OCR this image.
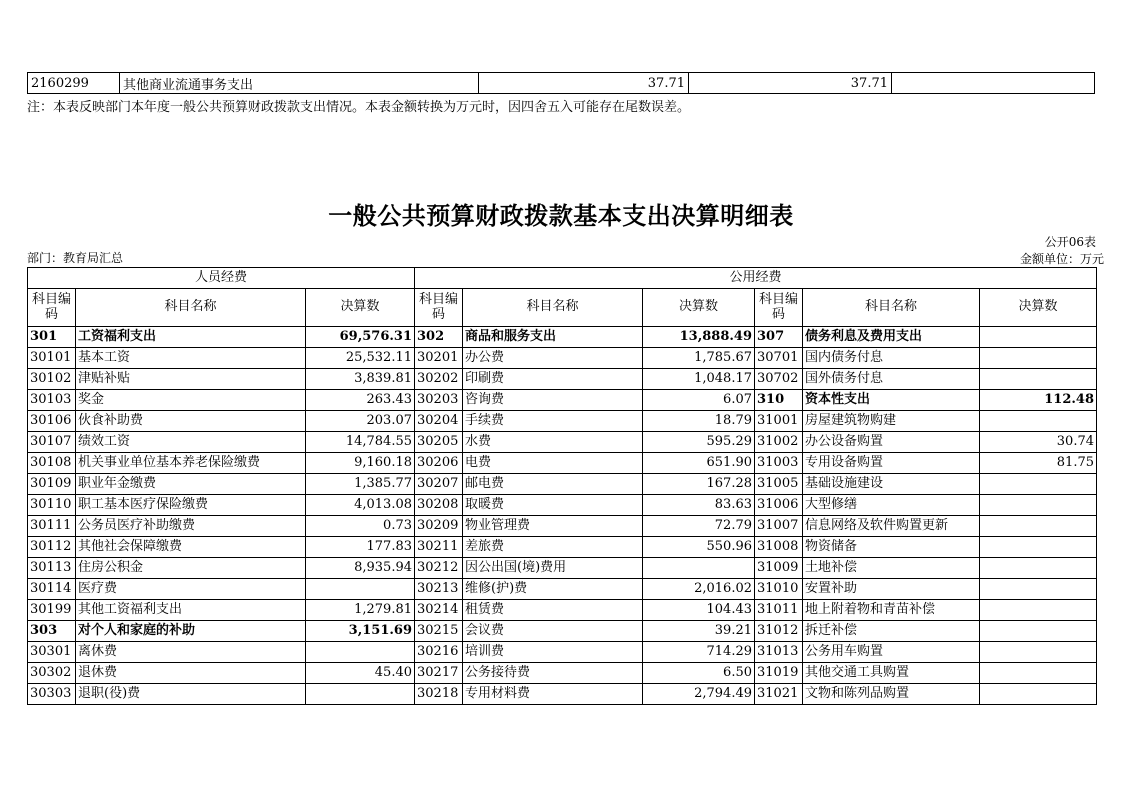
2160299	其他商业流通事务支出	37.71	37.71	
注：本表反映部门本年度一般公共预算财政拨款支出情况。本表金额转换为万元时，因四舍五入可能存在尾数误差。
一般公共预算财政拨款基本支出决算明细表
公开06表
部门：教育局汇总	金额单位：万元
人员经费			公用经费					
科目编码	科目名称	决算数	科目编码	科目名称	决算数	科目编码	科目名称	决算数
301	工资福利支出	69,576.31	302	商品和服务支出	13,888.49	307	债务利息及费用支出	
30101	基本工资	25,532.11	30201	办公费	1,785.67	30701	国内债务付息	
30102	津贴补贴	3,839.81	30202	印刷费	1,048.17	30702	国外债务付息	
30103	奖金	263.43	30203	咨询费	6.07	310	资本性支出	112.48
30106	伙食补助费	203.07	30204	手续费	18.79	31001	房屋建筑物购建	
30107	绩效工资	14,784.55	30205	水费	595.29	31002	办公设备购置	30.74
30108	机关事业单位基本养老保险缴费	9,160.18	30206	电费	651.90	31003	专用设备购置	81.75
30109	职业年金缴费	1,385.77	30207	邮电费	167.28	31005	基础设施建设	
30110	职工基本医疗保险缴费	4,013.08	30208	取暖费	83.63	31006	大型修缮	
30111	公务员医疗补助缴费	0.73	30209	物业管理费	72.79	31007	信息网络及软件购置更新	
30112	其他社会保障缴费	177.83	30211	差旅费	550.96	31008	物资储备	
30113	住房公积金	8,935.94	30212	因公出国(境)费用		31009	土地补偿	
30114	医疗费		30213	维修(护)费	2,016.02	31010	安置补助	
30199	其他工资福利支出	1,279.81	30214	租赁费	104.43	31011	地上附着物和青苗补偿	
303	对个人和家庭的补助	3,151.69	30215	会议费	39.21	31012	拆迁补偿	
30301	离休费		30216	培训费	714.29	31013	公务用车购置	
30302	退休费	45.40	30217	公务接待费	6.50	31019	其他交通工具购置	
30303	退职(役)费		30218	专用材料费	2,794.49	31021	文物和陈列品购置	
